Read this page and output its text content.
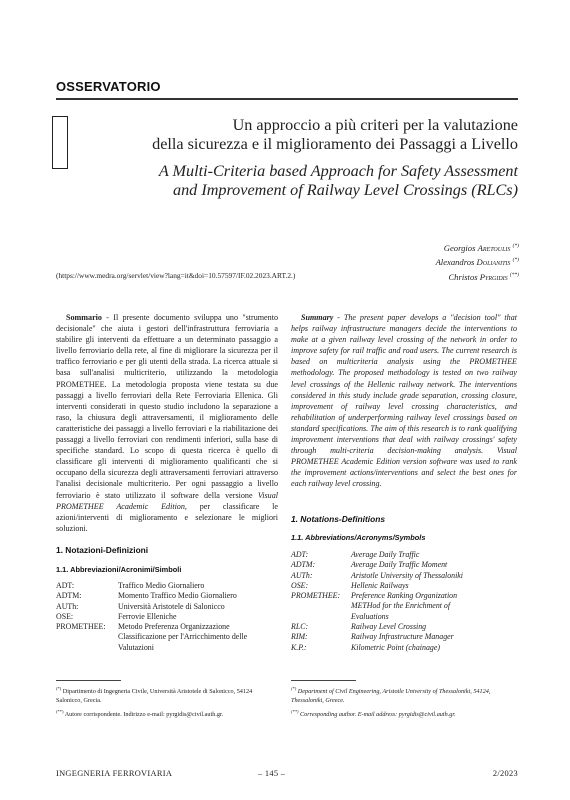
OSSERVATORIO
Un approccio a più criteri per la valutazione
della sicurezza e il miglioramento dei Passaggi a Livello
A Multi-Criteria based Approach for Safety Assessment
and Improvement of Railway Level Crossings (RLCs)
Georgios Aretoulis (*)
Alexandros Dolianitis (*)
Christos Pyrgidis (**)
(https://www.medra.org/servlet/view?lang=it&doi=10.57597/IF.02.2023.ART.2.)

Sommario - Il presente documento sviluppa uno "strumento decisionale" che aiuta i gestori dell'infrastruttura ferroviaria a stabilire gli interventi da effettuare a un determinato passaggio a livello ferroviario della rete, al fine di migliorare la sicurezza per il traffico ferroviario e per gli utenti della strada. La ricerca attuale si basa sull'analisi multicriterio, utilizzando la metodologia PROMETHEE. La metodologia proposta viene testata su due passaggi a livello ferroviari della Rete Ferroviaria Ellenica. Gli interventi considerati in questo studio includono la separazione a raso, la chiusura degli attraversamenti, il miglioramento delle caratteristiche dei passaggi a livello ferroviari e la riabilitazione dei passaggi a livello ferroviari con rendimenti inferiori, sulla base di specifiche standard. Lo scopo di questa ricerca è quello di classificare gli interventi di miglioramento qualificanti che si occupano della sicurezza degli attraversamenti ferroviari attraverso l'analisi decisionale multicriterio. Per ogni passaggio a livello ferroviario è stato utilizzato il software della versione Visual PROMETHEE Academic Edition, per classificare le azioni/interventi di miglioramento e selezionare le migliori soluzioni.

Summary - The present paper develops a "decision tool" that helps railway infrastructure managers decide the interventions to make at a given railway level crossing of the network in order to improve safety for rail traffic and road users. The current research is based on multicriteria analysis using the PROMETHEE methodology. The proposed methodology is tested on two railway level crossings of the Hellenic railway network. The interventions considered in this study include grade separation, crossing closure, improvement of railway level crossing characteristics, and rehabilitation of underperforming railway level crossings based on standard specifications. The aim of this research is to rank qualifying improvement interventions that deal with railway crossings' safety through multi-criteria decision-making analysis. Visual PROMETHEE Academic Edition version software was used to rank the improvement actions/interventions and select the best ones for each railway level crossing.

1. Notazioni-Definizioni
1.1. Abbreviazioni/Acronimi/Simboli
ADT:	Traffico Medio Giornaliero
ADTM:	Momento Traffico Medio Giornaliero
AUTh:	Università Aristotele di Salonicco
OSE:	Ferrovie Elleniche
PROMETHEE:	Metodo Preferenza Organizzazione Classificazione per l'Arricchimento delle Valutazioni
1. Notations-Definitions
1.1. Abbreviations/Acronyms/Symbols
ADT:	Average Daily Traffic
ADTM:	Average Daily Traffic Moment
AUTh:	Aristotle University of Thessaloniki
OSE:	Hellenic Railways
PROMETHEE:	Preference Ranking Organization METHod for the Enrichment of Evaluations
RLC:	Railway Level Crossing
RIM:	Railway Infrastructure Manager
K.P.:	Kilometric Point (chainage)
(*) Dipartimento di Ingegneria Civile, Università Aristotele di Salonicco, 54124 Salonicco, Grecia.
(**) Autore corrispondente. Indirizzo e-mail: pyrgidis@civil.auth.gr.
(*) Department of Civil Engineering, Aristotle University of Thessaloniki, 54124, Thessaloniki, Greece.
(**) Corresponding author. E-mail address: pyrgidis@civil.auth.gr.
INGEGNERIA FERROVIARIA	– 145 –	2/2023
